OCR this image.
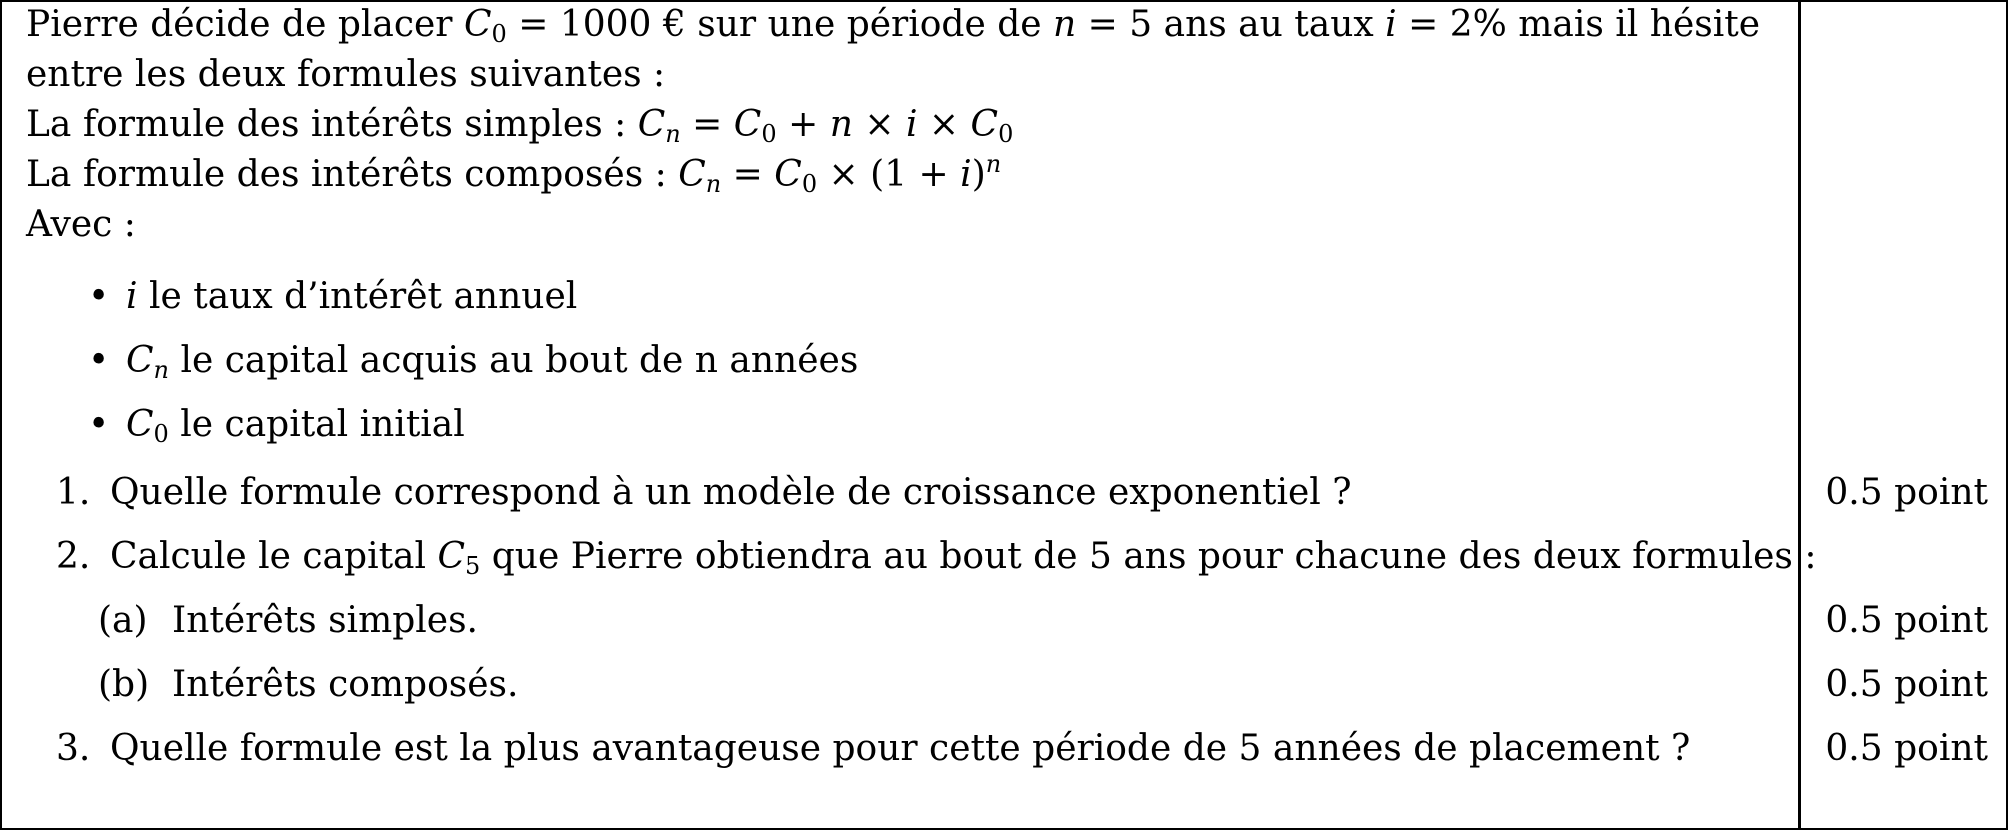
Pierre décide de placer $C_0 = 1000$ € sur une période de n = 5 ans au taux i = 2% mais il hésite
entre les deux formules suivantes :
La formule des intérêts simples : $C_n = C_0 + n \times i \times C_0$
La formule des intérêts composés : $C_n = C_0 \times (1 + i)^n$
Avec :
• i le taux d’intérêt annuel
• $C_n$ le capital acquis au bout de n années
• $C_0$ le capital initial
1. Quelle formule correspond à un modèle de croissance exponentiel ?
2. Calcule le capital $C_5$ que Pierre obtiendra au bout de 5 ans pour chacune des deux formules :
(a) Intérêts simples.
(b) Intérêts composés.
3. Quelle formule est la plus avantageuse pour cette période de 5 années de placement ?
0.5 point
0.5 point
0.5 point
0.5 point
